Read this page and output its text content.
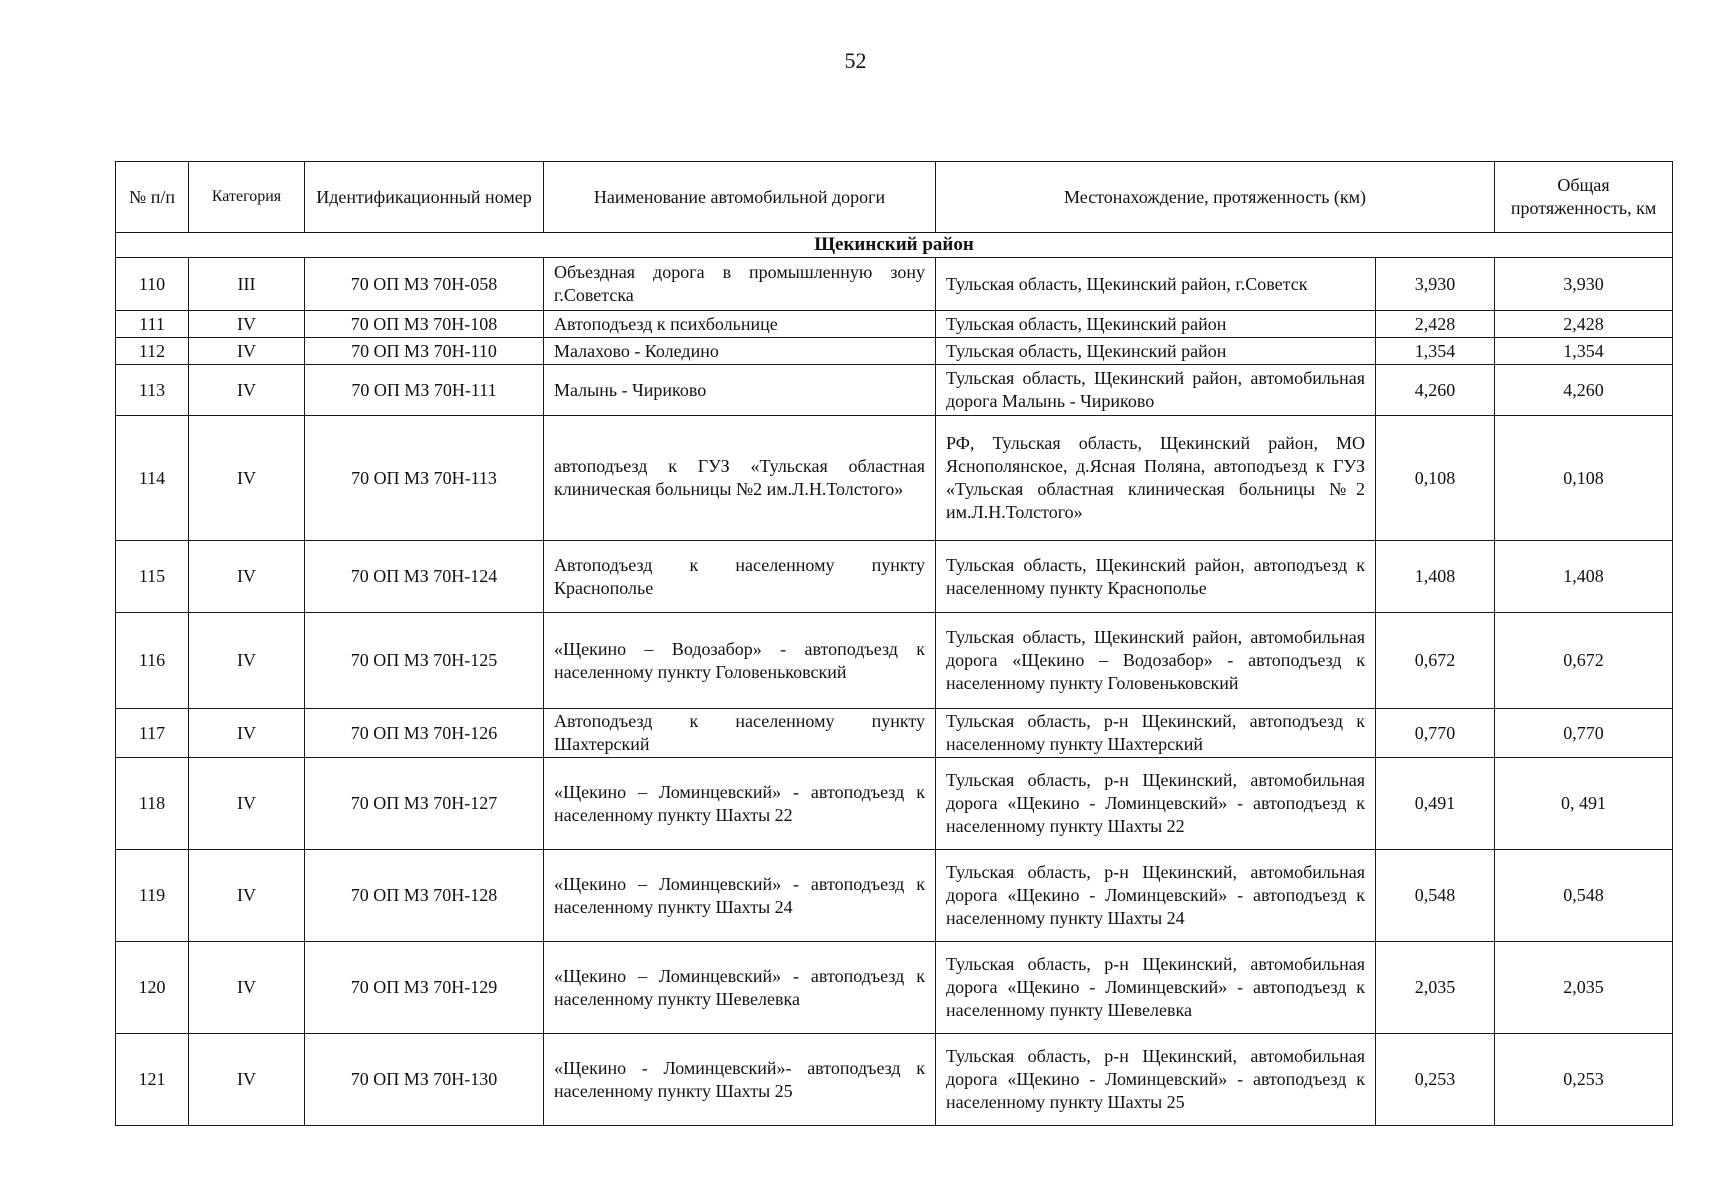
52
№ п/п	Категория	Идентификационный номер	Наименование автомобильной дороги	Местонахождение, протяженность (км)		Общая протяженность, км
Щекинский район						
110	III	70 ОП МЗ 70Н-058	Объездная дорога в промышленную зону г.Советска	Тульская область, Щекинский район, г.Советск	3,930	3,930
111	IV	70 ОП МЗ 70Н-108	Автоподъезд к психбольнице	Тульская область, Щекинский район	2,428	2,428
112	IV	70 ОП МЗ 70Н-110	Малахово - Коледино	Тульская область, Щекинский район	1,354	1,354
113	IV	70 ОП МЗ 70Н-111	Малынь - Чириково	Тульская область, Щекинский район, автомобильная дорога Малынь - Чириково	4,260	4,260
114	IV	70 ОП МЗ 70Н-113	автоподъезд к ГУЗ «Тульская областная клиническая больницы №2 им.Л.Н.Толстого»	РФ, Тульская область, Щекинский район, МО Яснополянское, д.Ясная Поляна, автоподъезд к ГУЗ «Тульская областная клиническая больницы №2 им.Л.Н.Толстого»	0,108	0,108
115	IV	70 ОП МЗ 70Н-124	Автоподъезд к населенному пункту Краснополье	Тульская область, Щекинский район, автоподъезд к населенному пункту Краснополье	1,408	1,408
116	IV	70 ОП МЗ 70Н-125	«Щекино – Водозабор» - автоподъезд к населенному пункту Головеньковский	Тульская область, Щекинский район, автомобильная дорога «Щекино – Водозабор» - автоподъезд к населенному пункту Головеньковский	0,672	0,672
117	IV	70 ОП МЗ 70Н-126	Автоподъезд к населенному пункту Шахтерский	Тульская область, р-н Щекинский, автоподъезд к населенному пункту Шахтерский	0,770	0,770
118	IV	70 ОП МЗ 70Н-127	«Щекино – Ломинцевский» - автоподъезд к населенному пункту Шахты 22	Тульская область, р-н Щекинский, автомобильная дорога «Щекино - Ломинцевский» - автоподъезд к населенному пункту Шахты 22	0,491	0, 491
119	IV	70 ОП МЗ 70Н-128	«Щекино – Ломинцевский» - автоподъезд к населенному пункту Шахты 24	Тульская область, р-н Щекинский, автомобильная дорога «Щекино - Ломинцевский» - автоподъезд к населенному пункту Шахты 24	0,548	0,548
120	IV	70 ОП МЗ 70Н-129	«Щекино – Ломинцевский» - автоподъезд к населенному пункту Шевелевка	Тульская область, р-н Щекинский, автомобильная дорога «Щекино - Ломинцевский» - автоподъезд к населенному пункту Шевелевка	2,035	2,035
121	IV	70 ОП МЗ 70Н-130	«Щекино - Ломинцевский»- автоподъезд к населенному пункту Шахты 25	Тульская область, р-н Щекинский, автомобильная дорога «Щекино - Ломинцевский» - автоподъезд к населенному пункту Шахты 25	0,253	0,253
